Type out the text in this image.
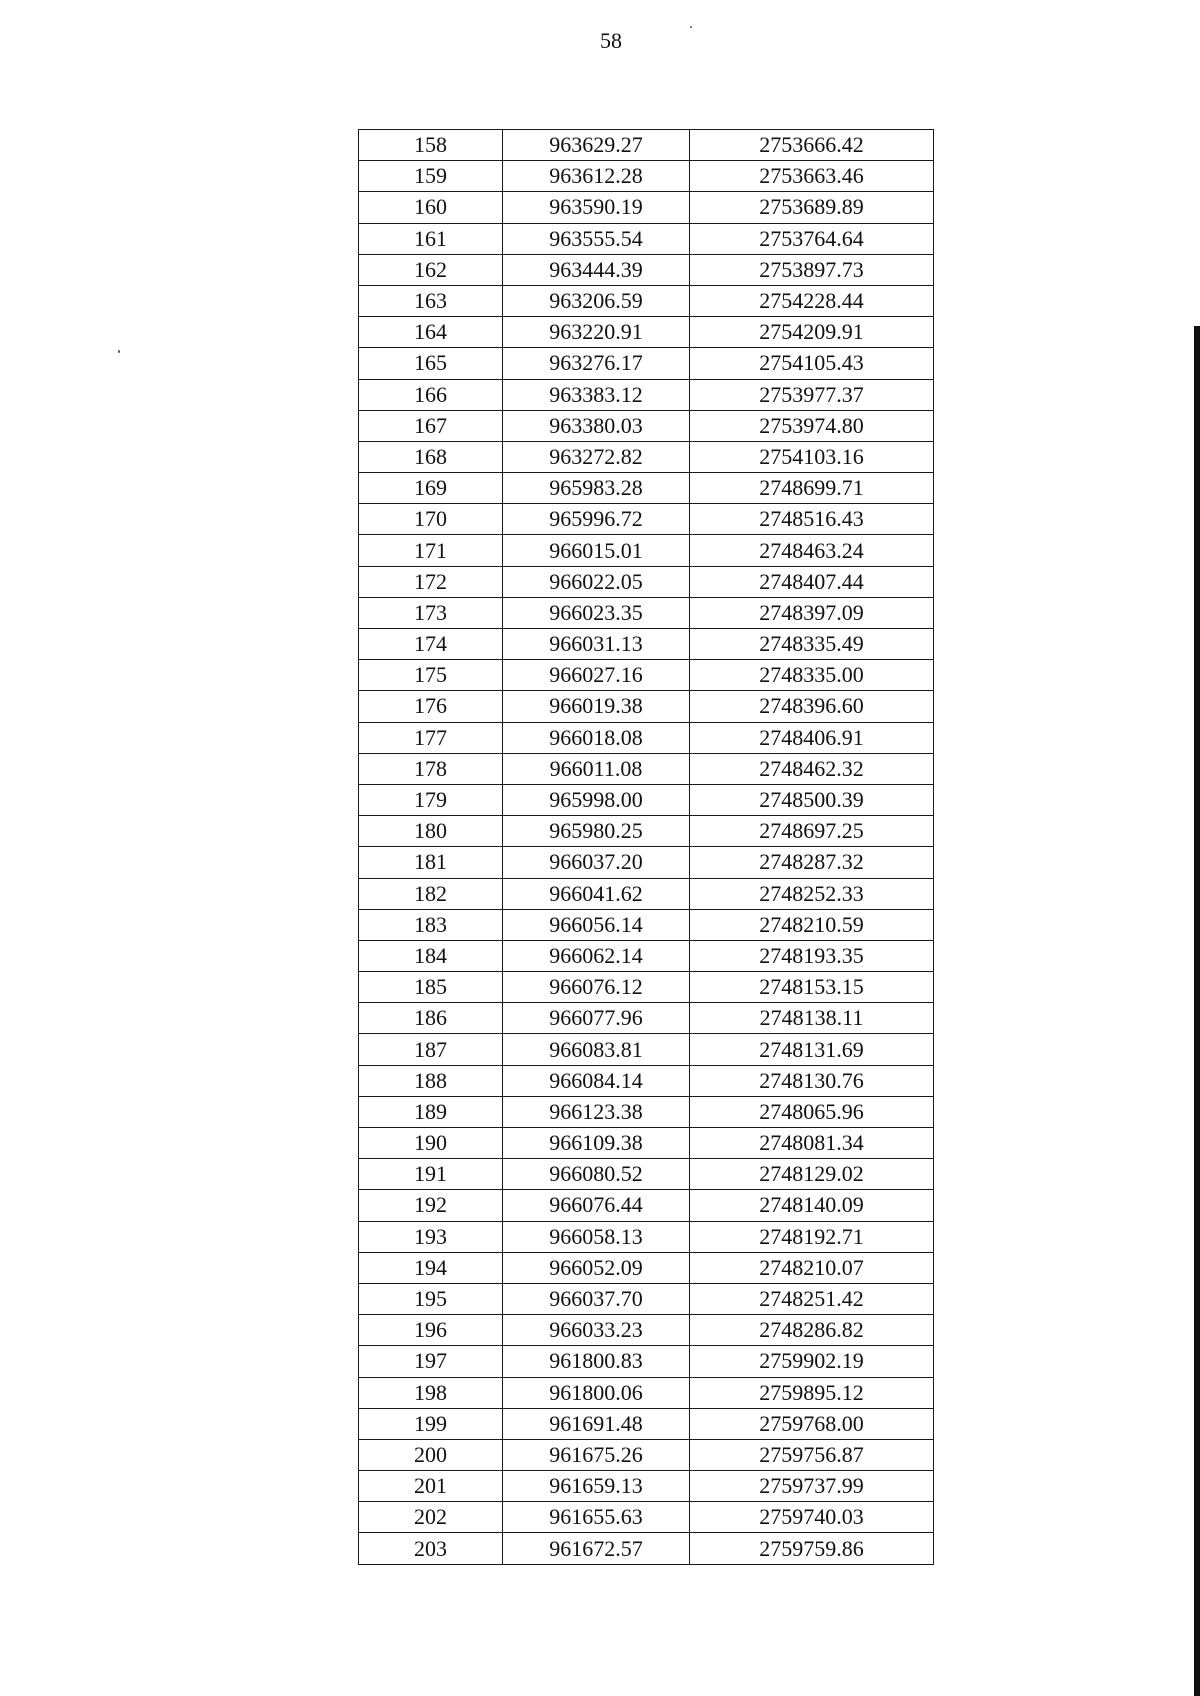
58
158	963629.27	2753666.42
159	963612.28	2753663.46
160	963590.19	2753689.89
161	963555.54	2753764.64
162	963444.39	2753897.73
163	963206.59	2754228.44
164	963220.91	2754209.91
165	963276.17	2754105.43
166	963383.12	2753977.37
167	963380.03	2753974.80
168	963272.82	2754103.16
169	965983.28	2748699.71
170	965996.72	2748516.43
171	966015.01	2748463.24
172	966022.05	2748407.44
173	966023.35	2748397.09
174	966031.13	2748335.49
175	966027.16	2748335.00
176	966019.38	2748396.60
177	966018.08	2748406.91
178	966011.08	2748462.32
179	965998.00	2748500.39
180	965980.25	2748697.25
181	966037.20	2748287.32
182	966041.62	2748252.33
183	966056.14	2748210.59
184	966062.14	2748193.35
185	966076.12	2748153.15
186	966077.96	2748138.11
187	966083.81	2748131.69
188	966084.14	2748130.76
189	966123.38	2748065.96
190	966109.38	2748081.34
191	966080.52	2748129.02
192	966076.44	2748140.09
193	966058.13	2748192.71
194	966052.09	2748210.07
195	966037.70	2748251.42
196	966033.23	2748286.82
197	961800.83	2759902.19
198	961800.06	2759895.12
199	961691.48	2759768.00
200	961675.26	2759756.87
201	961659.13	2759737.99
202	961655.63	2759740.03
203	961672.57	2759759.86
